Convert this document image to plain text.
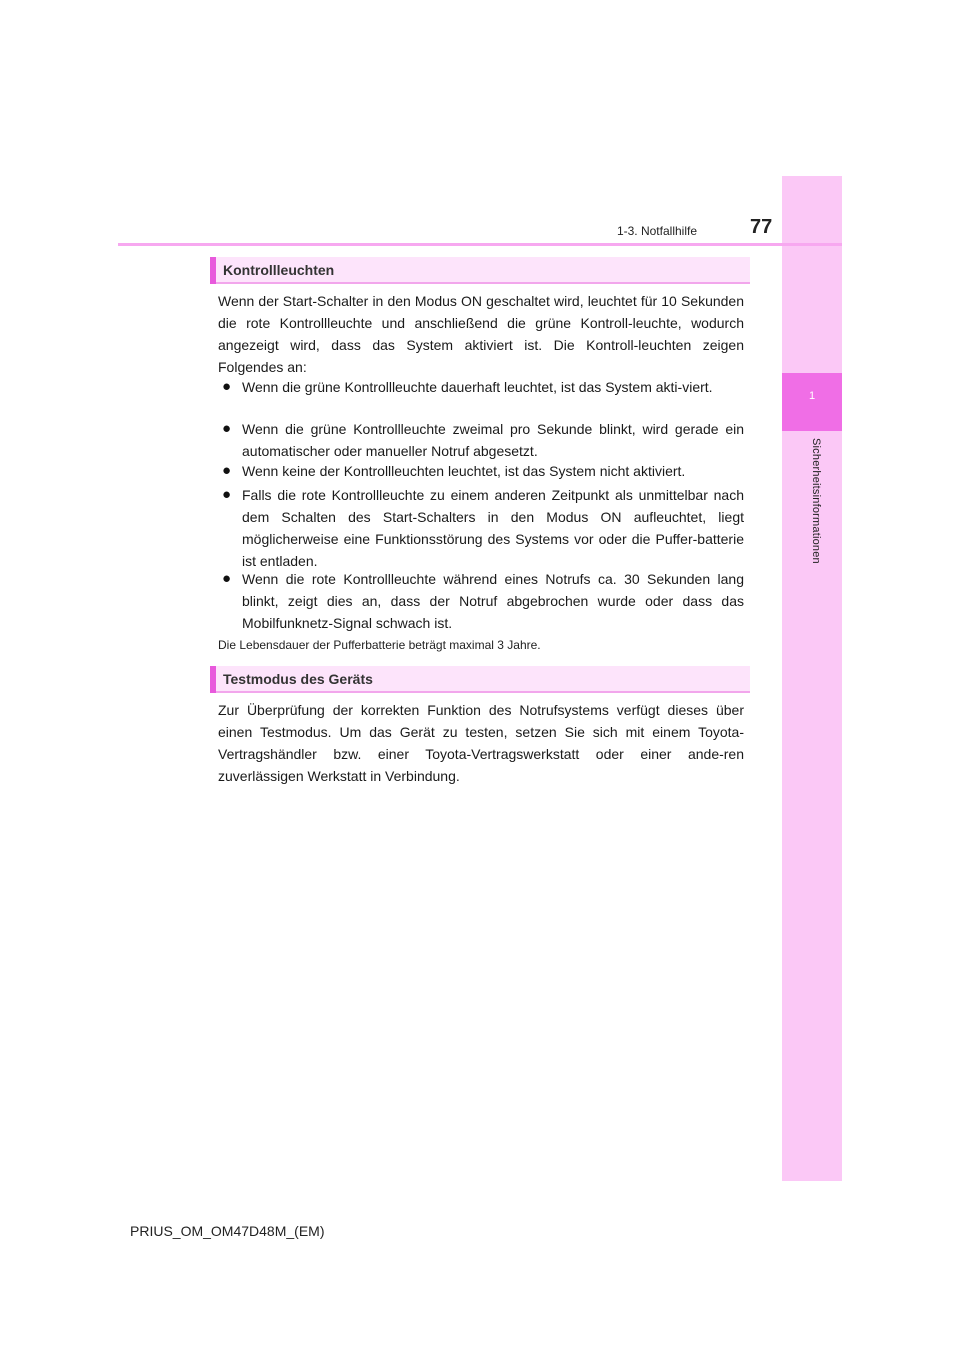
1
Sicherheitsinformationen
1-3. Notfallhilfe	77
Kontrollleuchten

Wenn der Start-Schalter in den Modus ON geschaltet wird, leuchtet für 10 Sekunden die rote Kontrollleuchte und anschließend die grüne Kontroll-leuchte, wodurch angezeigt wird, dass das System aktiviert ist. Die Kontroll-leuchten zeigen Folgendes an:

● Wenn die grüne Kontrollleuchte dauerhaft leuchtet, ist das System akti-viert.
● Wenn die grüne Kontrollleuchte zweimal pro Sekunde blinkt, wird gerade ein automatischer oder manueller Notruf abgesetzt.
● Wenn keine der Kontrollleuchten leuchtet, ist das System nicht aktiviert.
● Falls die rote Kontrollleuchte zu einem anderen Zeitpunkt als unmittelbar nach dem Schalten des Start-Schalters in den Modus ON aufleuchtet, liegt möglicherweise eine Funktionsstörung des Systems vor oder die Puffer-batterie ist entladen.
● Wenn die rote Kontrollleuchte während eines Notrufs ca. 30 Sekunden lang blinkt, zeigt dies an, dass der Notruf abgebrochen wurde oder dass das Mobilfunknetz-Signal schwach ist.
Die Lebensdauer der Pufferbatterie beträgt maximal 3 Jahre.
Testmodus des Geräts

Zur Überprüfung der korrekten Funktion des Notrufsystems verfügt dieses über einen Testmodus. Um das Gerät zu testen, setzen Sie sich mit einem Toyota-Vertragshändler bzw. einer Toyota-Vertragswerkstatt oder einer ande-ren zuverlässigen Werkstatt in Verbindung.

PRIUS_OM_OM47D48M_(EM)
